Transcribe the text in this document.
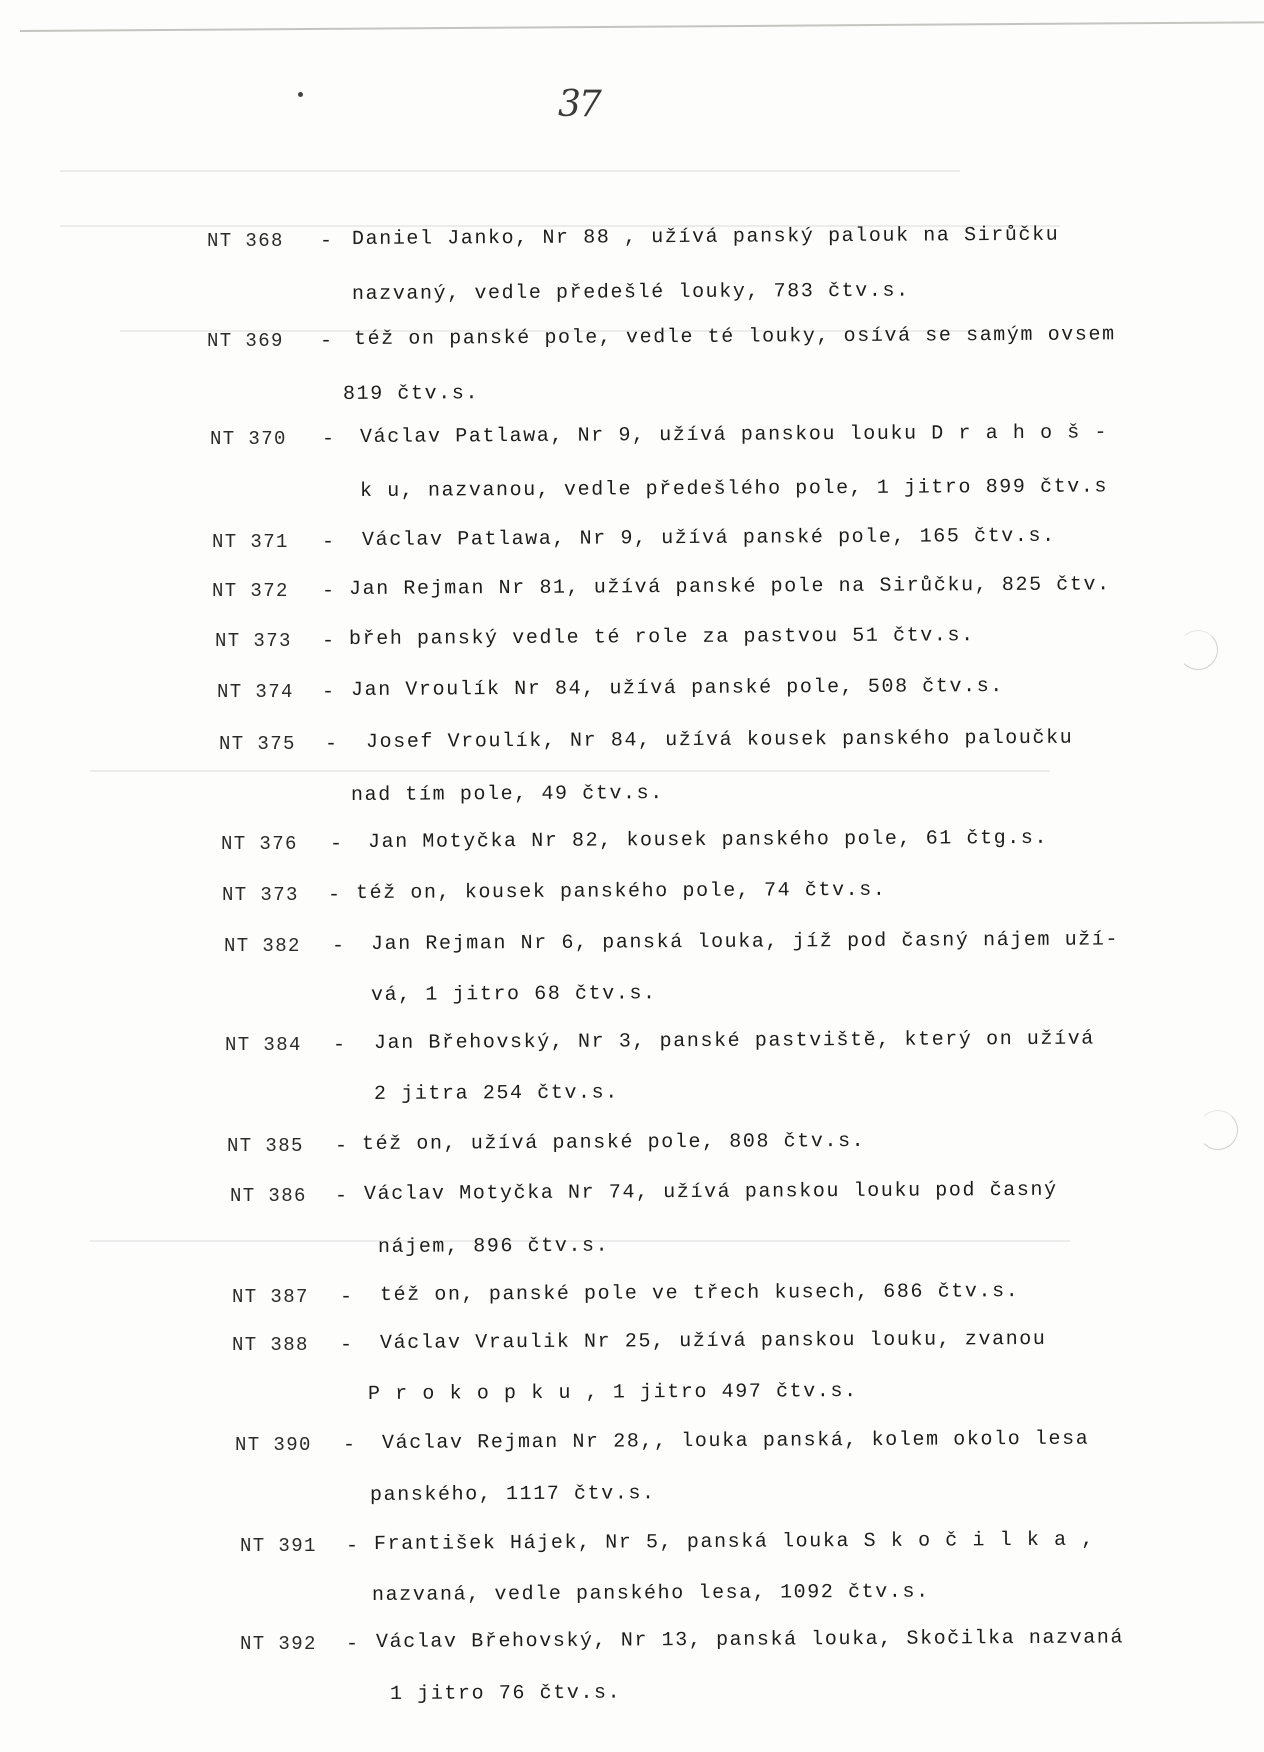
37
NT 368 - Daniel Janko, Nr 88 , užívá panský palouk na Sirůčku
nazvaný, vedle předešlé louky, 783 čtv.s.
NT 369 - též on panské pole, vedle té louky, osívá se samým ovsem
819 čtv.s.
NT 370 - Václav Patlawa, Nr 9, užívá panskou louku D r a h o š -
k u, nazvanou, vedle předešlého pole, 1 jitro 899 čtv.s
NT 371 - Václav Patlawa, Nr 9, užívá panské pole, 165 čtv.s.
NT 372 - Jan Rejman Nr 81, užívá panské pole na Sirůčku, 825 čtv.
NT 373 - břeh panský vedle té role za pastvou 51 čtv.s.
NT 374 - Jan Vroulík Nr 84, užívá panské pole, 508 čtv.s.
NT 375 - Josef Vroulík, Nr 84, užívá kousek panského paloučku
nad tím pole, 49 čtv.s.
NT 376 - Jan Motyčka Nr 82, kousek panského pole, 61 čtg.s.
NT 373 - též on, kousek panského pole, 74 čtv.s.
NT 382 - Jan Rejman Nr 6, panská louka, jíž pod časný nájem uží-
vá, 1 jitro 68 čtv.s.
NT 384 - Jan Břehovský, Nr 3, panské pastviště, který on užívá
2 jitra 254 čtv.s.
NT 385 - též on, užívá panské pole, 808 čtv.s.
NT 386 - Václav Motyčka Nr 74, užívá panskou louku pod časný
nájem, 896 čtv.s.
NT 387 - též on, panské pole ve třech kusech, 686 čtv.s.
NT 388 - Václav Vraulik Nr 25, užívá panskou louku, zvanou
P r o k o p k u , 1 jitro 497 čtv.s.
NT 390 - Václav Rejman Nr 28,, louka panská, kolem okolo lesa
panského, 1117 čtv.s.
NT 391 - František Hájek, Nr 5, panská louka S k o č i l k a ,
nazvaná, vedle panského lesa, 1092 čtv.s.
NT 392 - Václav Břehovský, Nr 13, panská louka, Skočilka nazvaná
1 jitro 76 čtv.s.
